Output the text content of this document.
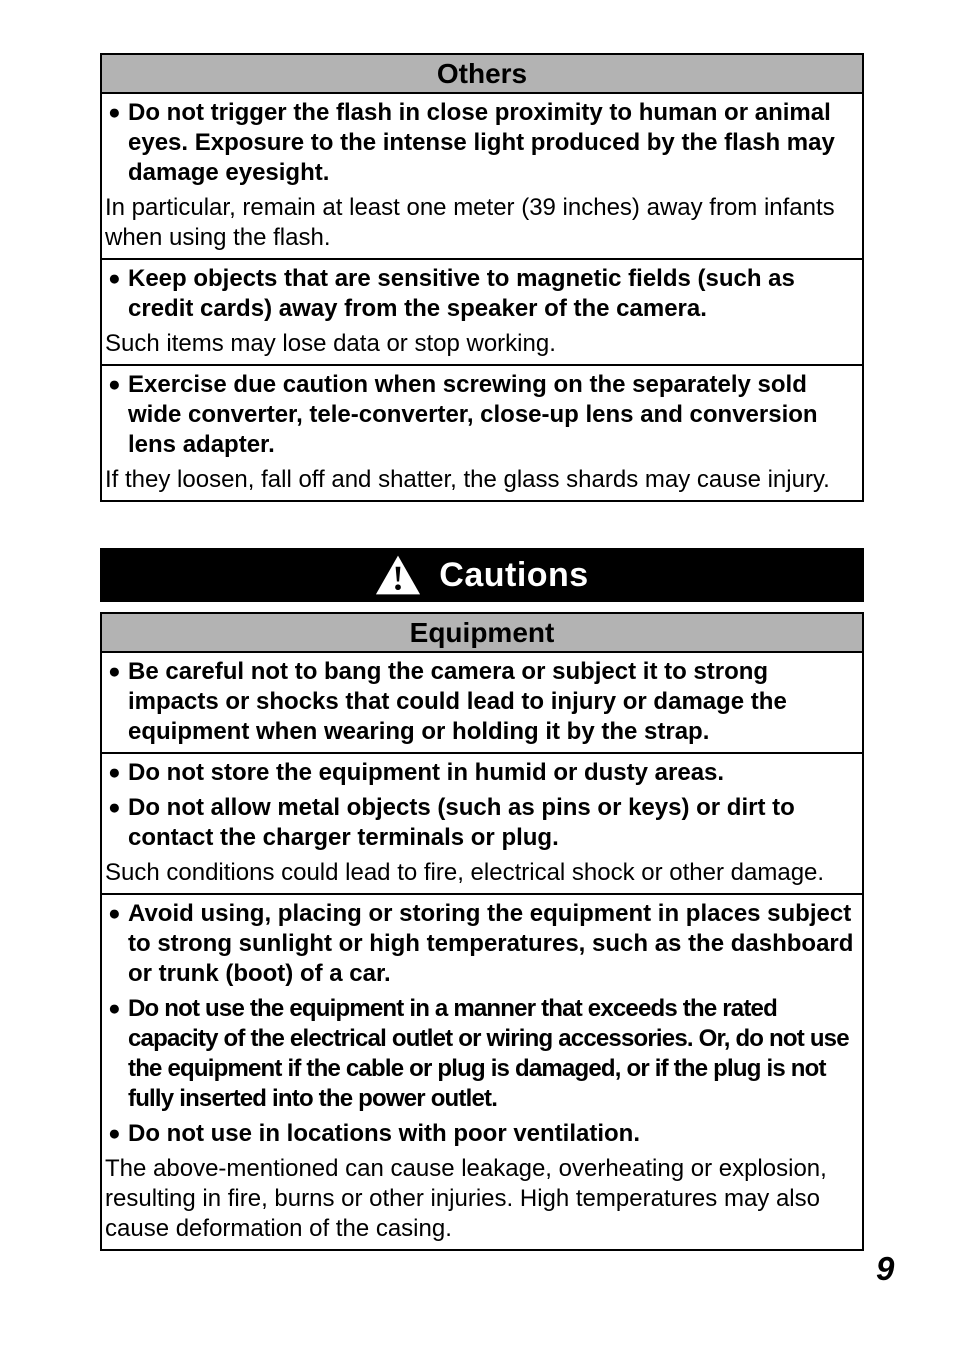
Others
● Do not trigger the flash in close proximity to human or animal eyes. Exposure to the intense light produced by the flash may damage eyesight.
In particular, remain at least one meter (39 inches) away from infants when using the flash.
● Keep objects that are sensitive to magnetic fields (such as credit cards) away from the speaker of the camera.
Such items may lose data or stop working.
● Exercise due caution when screwing on the separately sold wide converter, tele-converter, close-up lens and conversion lens adapter.
If they loosen, fall off and shatter, the glass shards may cause injury.
Cautions
Equipment
● Be careful not to bang the camera or subject it to strong impacts or shocks that could lead to injury or damage the equipment when wearing or holding it by the strap.
● Do not store the equipment in humid or dusty areas.
● Do not allow metal objects (such as pins or keys) or dirt to contact the charger terminals or plug.
Such conditions could lead to fire, electrical shock or other damage.
● Avoid using, placing or storing the equipment in places subject to strong sunlight or high temperatures, such as the dashboard or trunk (boot) of a car.
● Do not use the equipment in a manner that exceeds the rated capacity of the electrical outlet or wiring accessories. Or, do not use the equipment if the cable or plug is damaged, or if the plug is not fully inserted into the power outlet.
● Do not use in locations with poor ventilation.
The above-mentioned can cause leakage, overheating or explosion, resulting in fire, burns or other injuries. High temperatures may also cause deformation of the casing.
9
